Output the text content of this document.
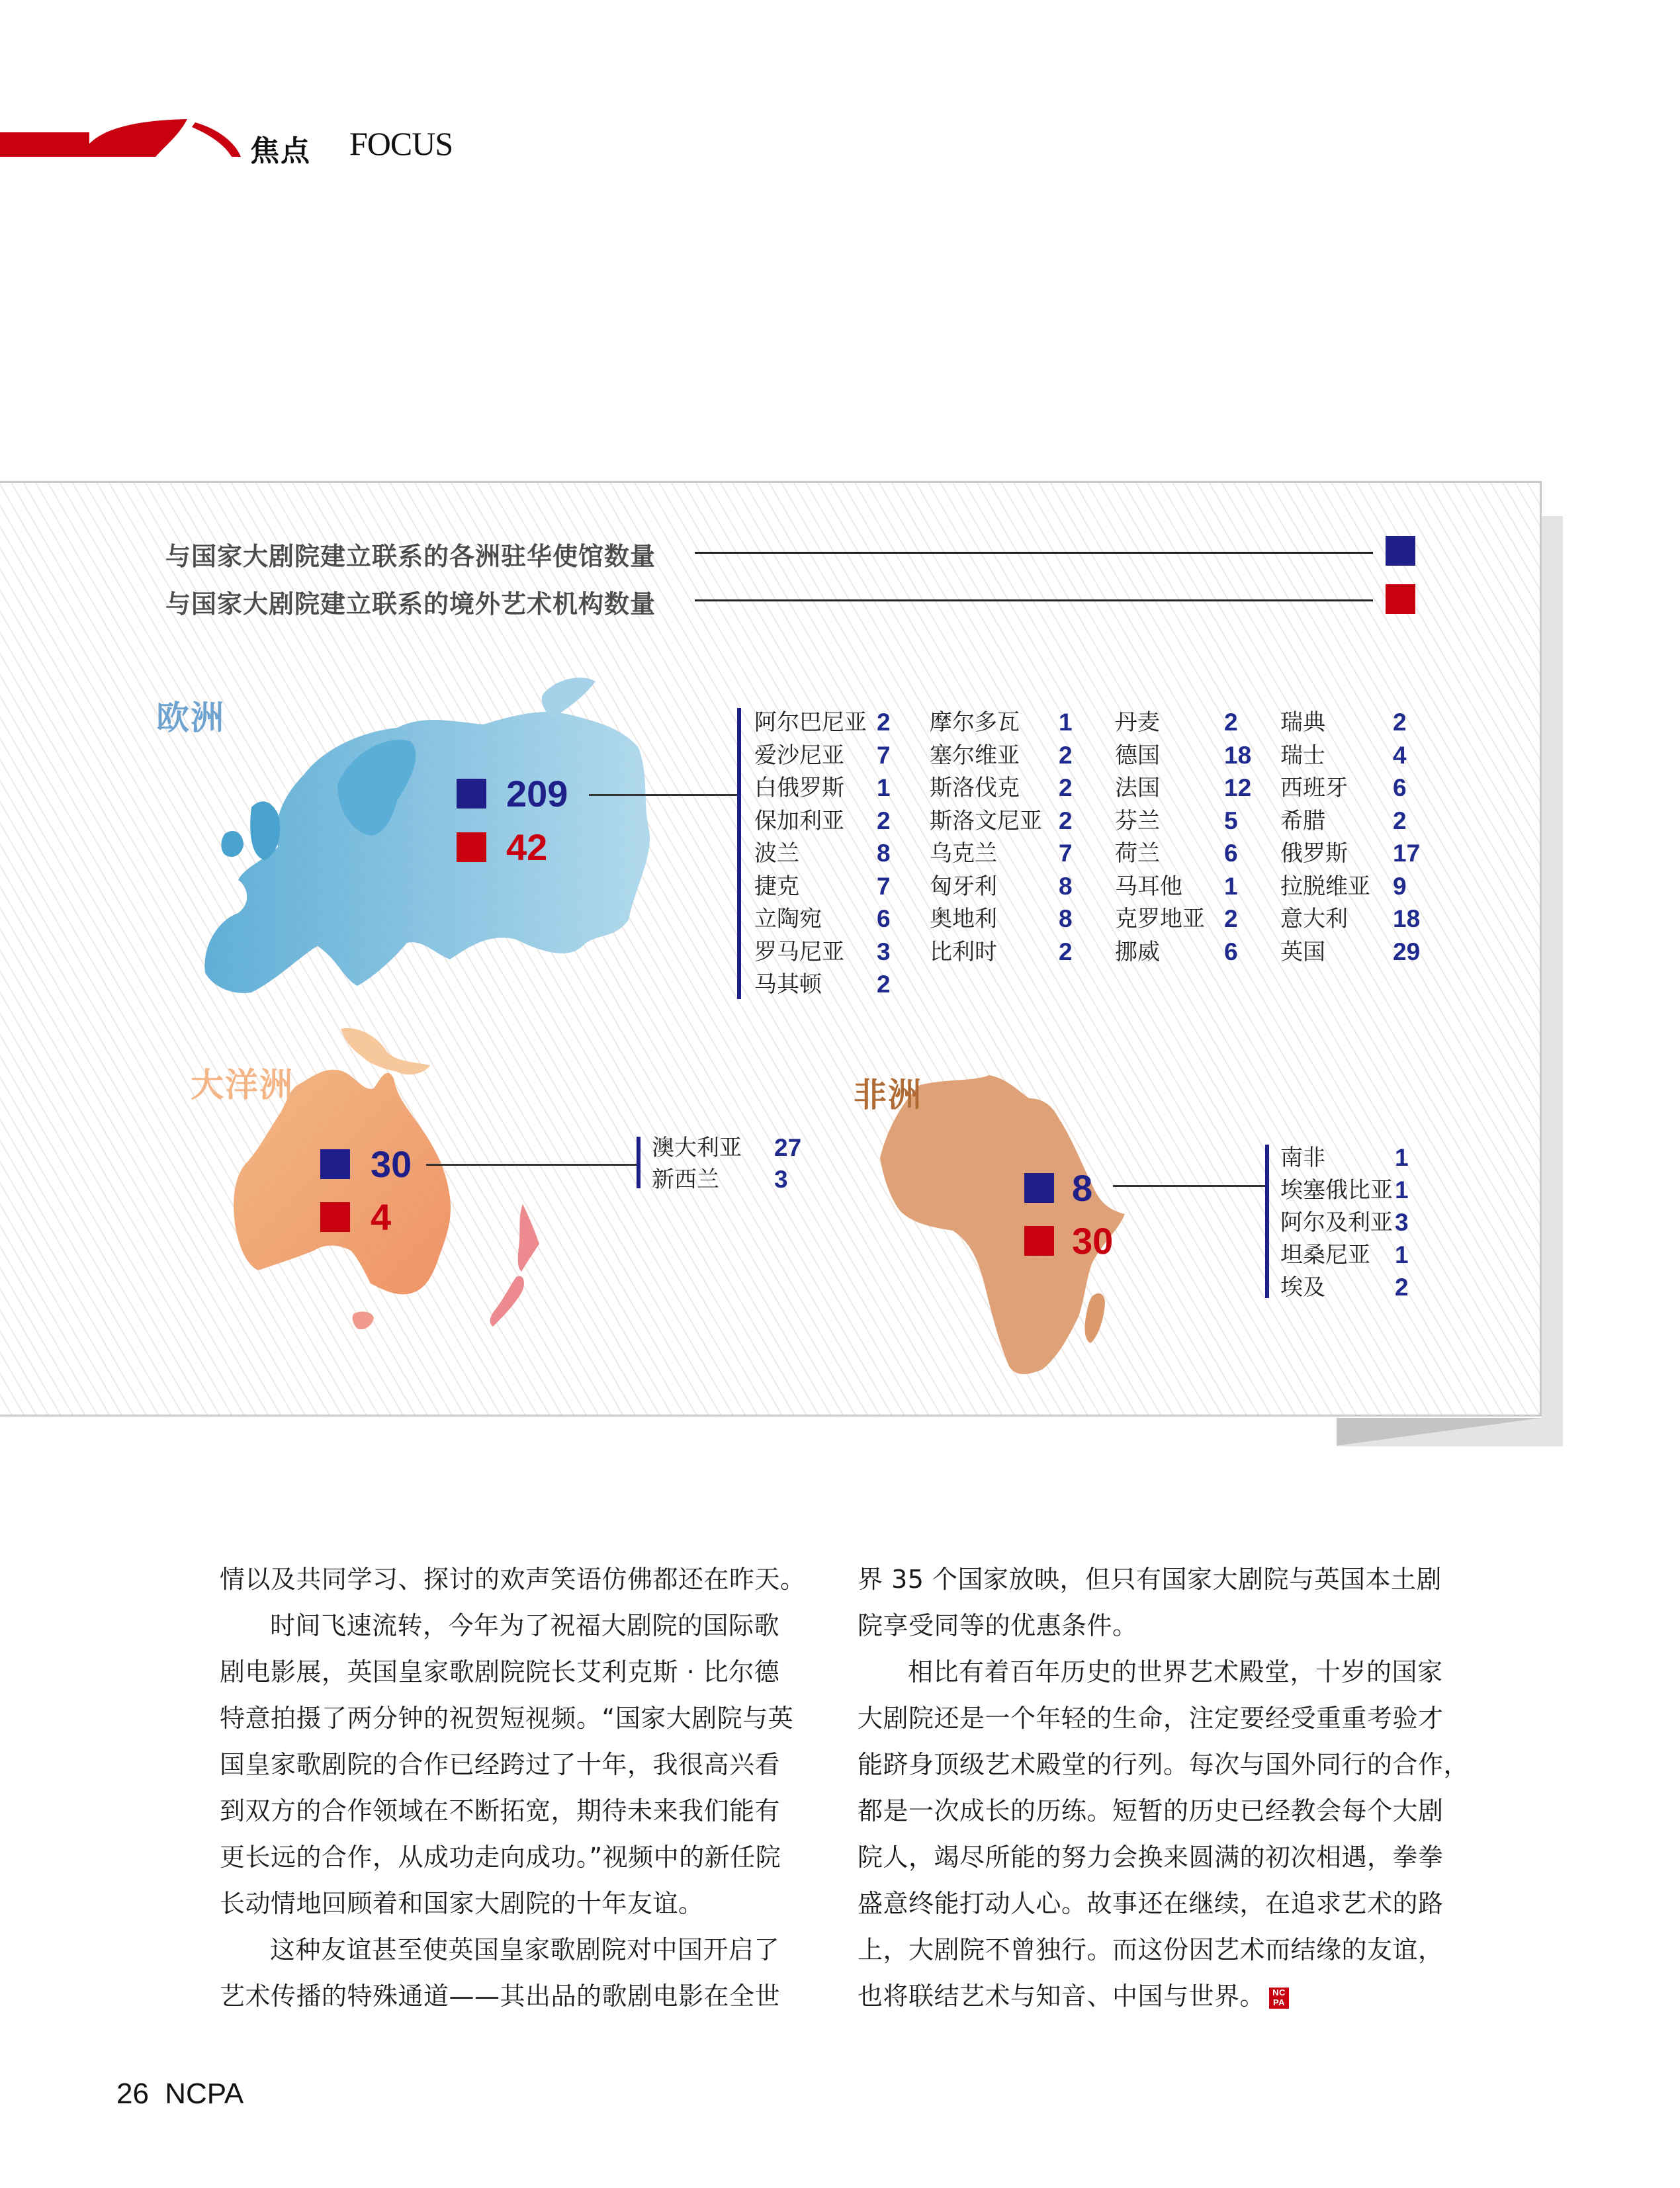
焦点 FOCUS
与国家大剧院建立联系的各洲驻华使馆数量
与国家大剧院建立联系的境外艺术机构数量
欧洲
209
42
阿尔巴尼亚 2
爱沙尼亚 7
白俄罗斯 1
保加利亚 2
波兰	8
捷克	7
立陶宛 6
罗马尼亚 3
马其顿 2
摩尔多瓦 1
塞尔维亚 2
斯洛伐克 2
斯洛文尼亚 2
乌克兰	7
匈牙利	8
奥地利	8
比利时	2
丹麦	2
德国	18
法国	12
芬兰	5
荷兰	6
马耳他 1
克罗地亚 2
挪威	6
瑞典	2
瑞士	4
西班牙 6
希腊	2
俄罗斯 17
拉脱维亚 9
意大利 18
英国	29
大洋洲
30
4
澳大利亚 27
新西兰 3
非洲
8
30
南非	1
埃塞俄比亚 1
阿尔及利亚 3
坦桑尼亚 1
埃及	2
情以及共同学习、探讨的欢声笑语仿佛都还在昨天。
时间飞速流转，今年为了祝福大剧院的国际歌
剧电影展，英国皇家歌剧院院长艾利克斯 · 比尔德
特意拍摄了两分钟的祝贺短视频。“国家大剧院与英
国皇家歌剧院的合作已经跨过了十年，我很高兴看
到双方的合作领域在不断拓宽，期待未来我们能有
更长远的合作，从成功走向成功。”视频中的新任院
长动情地回顾着和国家大剧院的十年友谊。
这种友谊甚至使英国皇家歌剧院对中国开启了
艺术传播的特殊通道——其出品的歌剧电影在全世
界 35 个国家放映，但只有国家大剧院与英国本土剧
院享受同等的优惠条件。
相比有着百年历史的世界艺术殿堂，十岁的国家
大剧院还是一个年轻的生命，注定要经受重重考验才
能跻身顶级艺术殿堂的行列。每次与国外同行的合作，
都是一次成长的历练。短暂的历史已经教会每个大剧
院人，竭尽所能的努力会换来圆满的初次相遇，拳拳
盛意终能打动人心。故事还在继续，在追求艺术的路
上，大剧院不曾独行。而这份因艺术而结缘的友谊，
也将联结艺术与知音、中国与世界。 NC
PA
26 NCPA
